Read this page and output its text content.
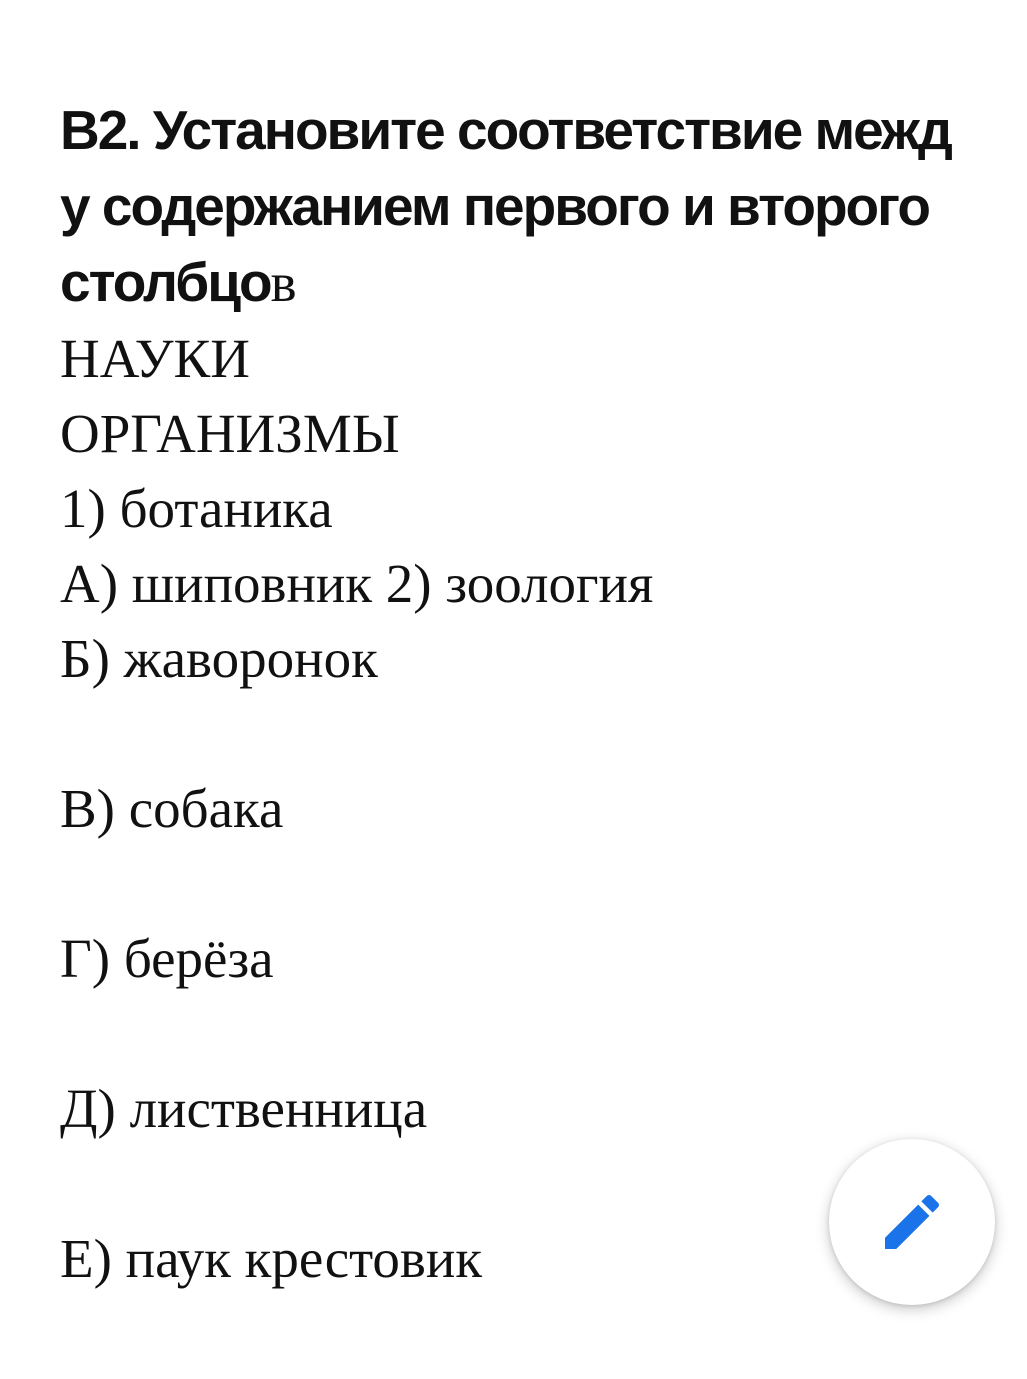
В2. Установите соответствие межд
у содержанием первого и второго
столбцов

НАУКИ

ОРГАНИЗМЫ

1) ботаника

А) шиповник 2) зоология

Б) жаворонок

В) собака

Г) берёза

Д) лиственница

Е) паук крестовик
